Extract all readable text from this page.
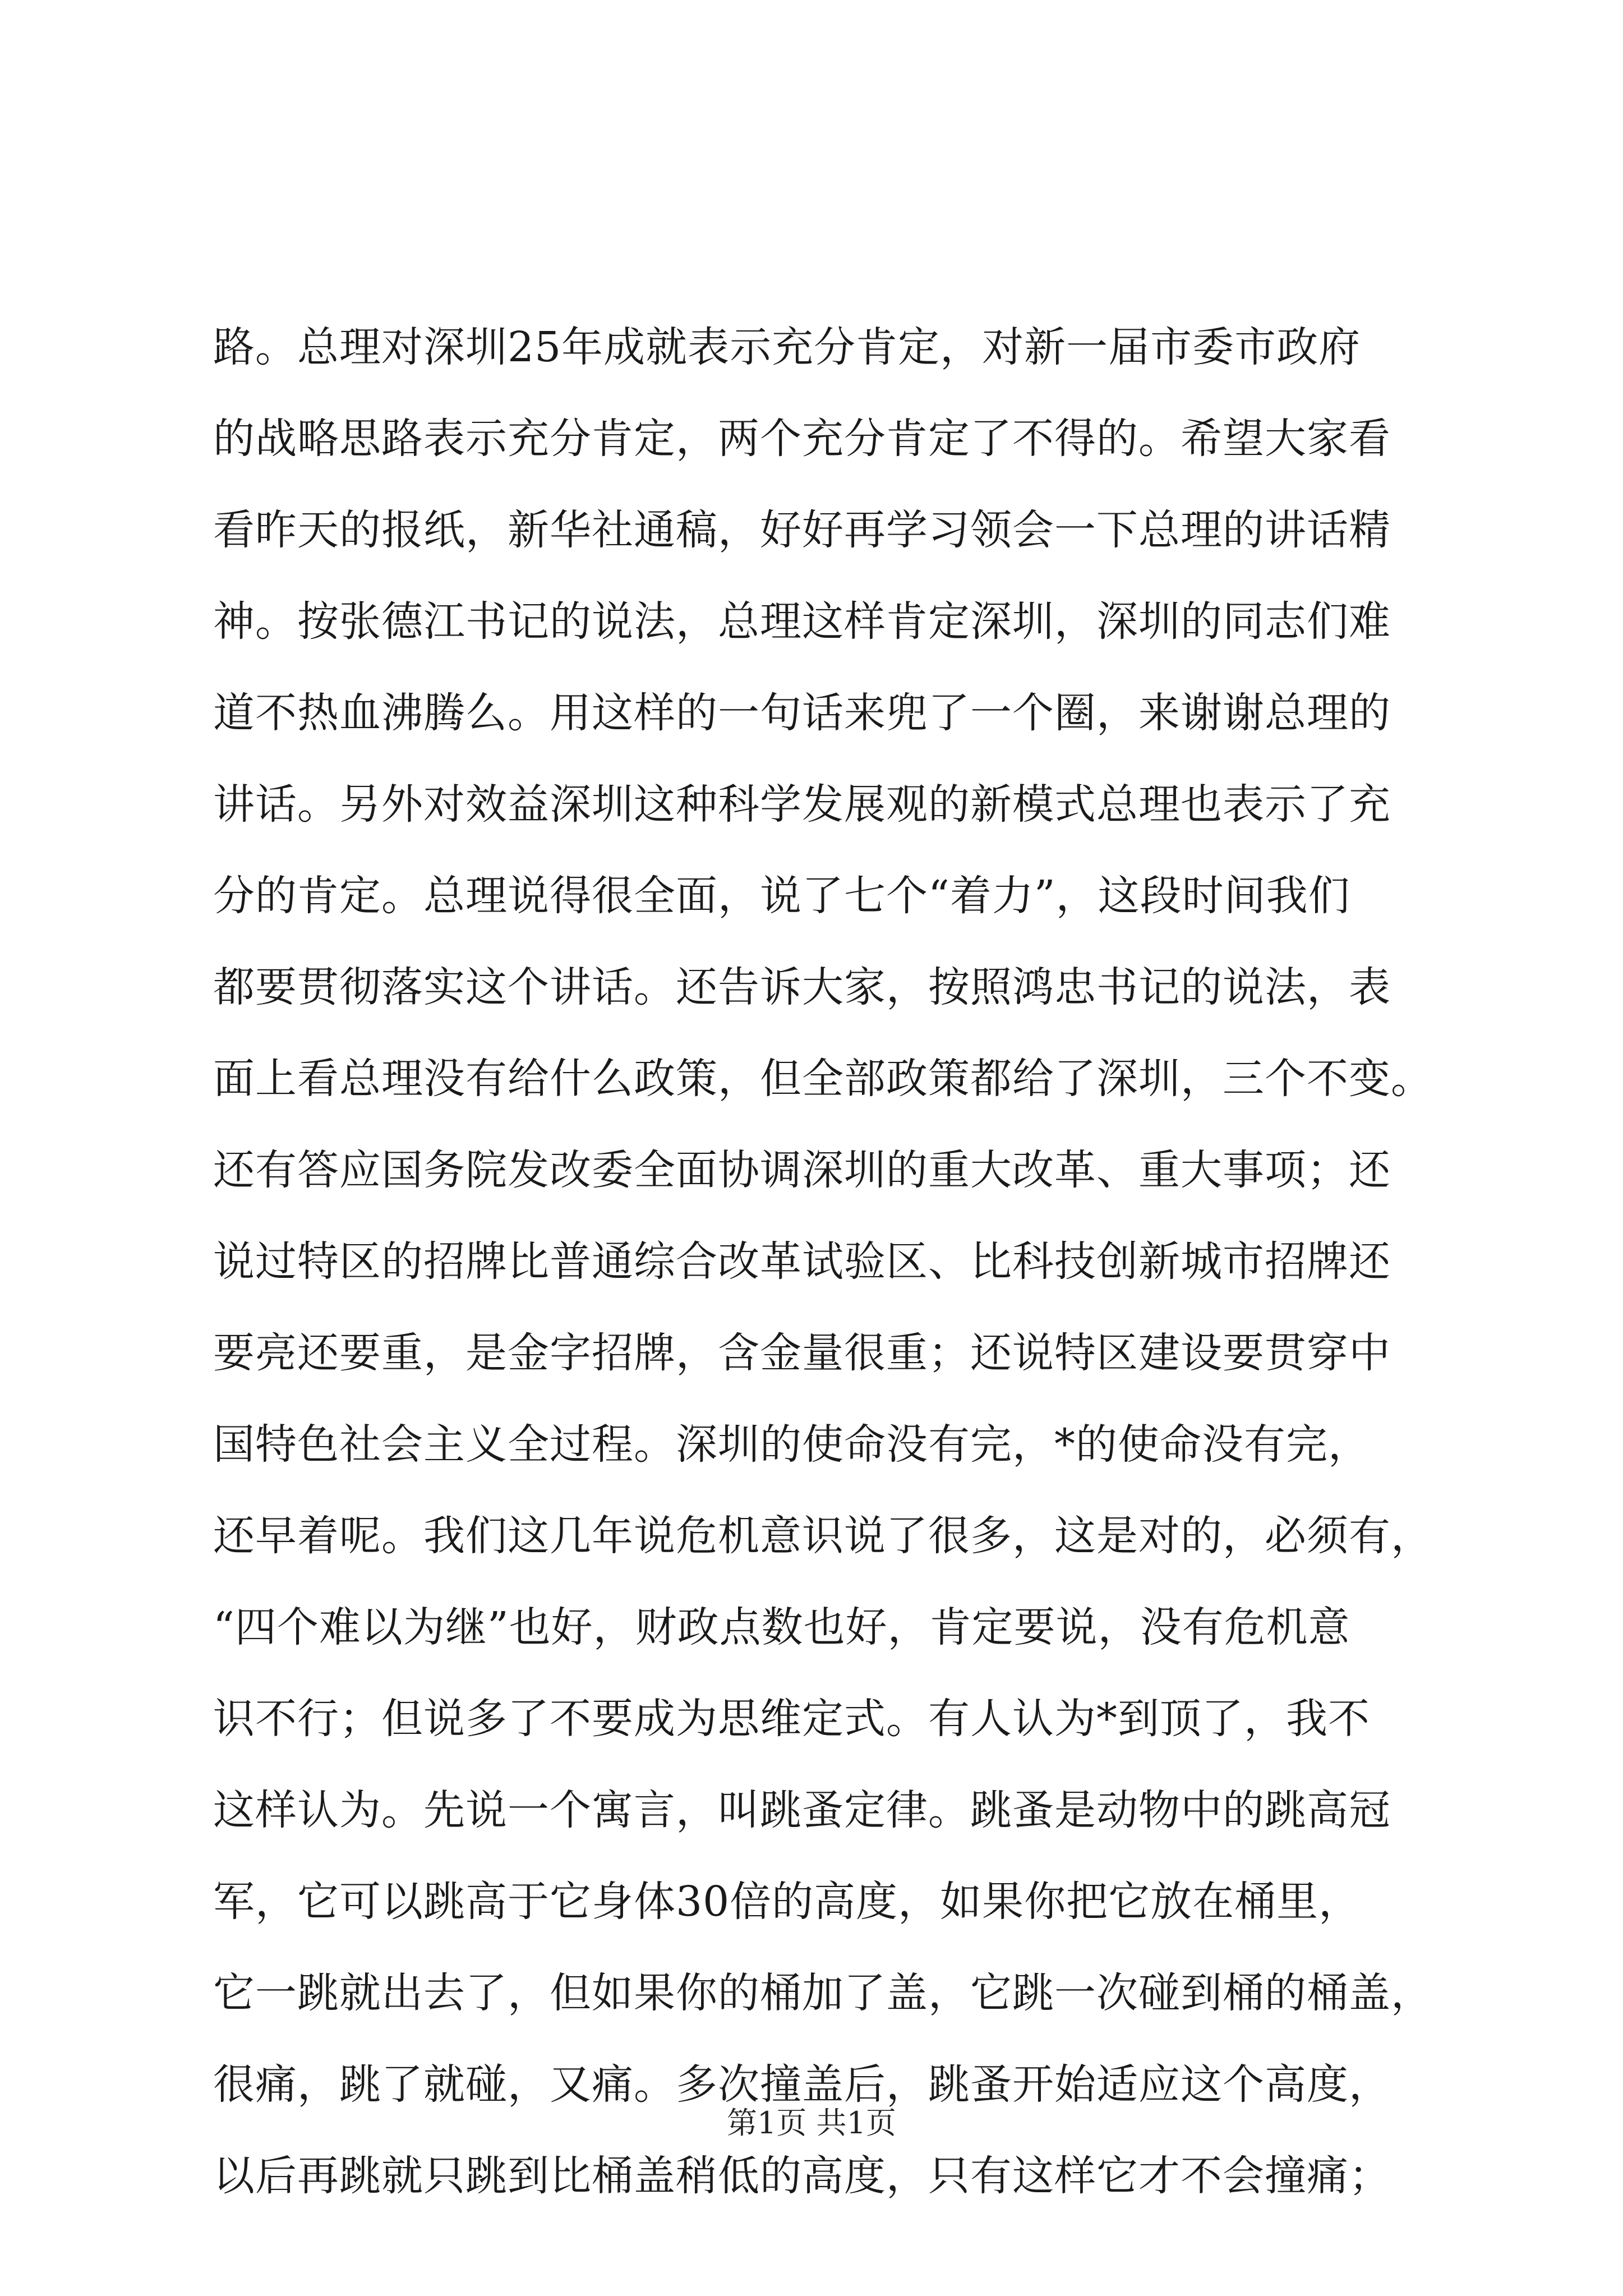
路。总理对深圳25年成就表示充分肯定，对新一届市委市政府
的战略思路表示充分肯定，两个充分肯定了不得的。希望大家看
看昨天的报纸，新华社通稿，好好再学习领会一下总理的讲话精
神。按张德江书记的说法，总理这样肯定深圳，深圳的同志们难
道不热血沸腾么。用这样的一句话来兜了一个圈，来谢谢总理的
讲话。另外对效益深圳这种科学发展观的新模式总理也表示了充
分的肯定。总理说得很全面，说了七个“着力”，这段时间我们
都要贯彻落实这个讲话。还告诉大家，按照鸿忠书记的说法，表
面上看总理没有给什么政策，但全部政策都给了深圳，三个不变。
还有答应国务院发改委全面协调深圳的重大改革、重大事项；还
说过特区的招牌比普通综合改革试验区、比科技创新城市招牌还
要亮还要重，是金字招牌，含金量很重；还说特区建设要贯穿中
国特色社会主义全过程。深圳的使命没有完，*的使命没有完，
还早着呢。我们这几年说危机意识说了很多，这是对的，必须有，
“四个难以为继”也好，财政点数也好，肯定要说，没有危机意
识不行；但说多了不要成为思维定式。有人认为*到顶了，我不
这样认为。先说一个寓言，叫跳蚤定律。跳蚤是动物中的跳高冠
军，它可以跳高于它身体30倍的高度，如果你把它放在桶里，
它一跳就出去了，但如果你的桶加了盖，它跳一次碰到桶的桶盖，
很痛，跳了就碰，又痛。多次撞盖后，跳蚤开始适应这个高度，
以后再跳就只跳到比桶盖稍低的高度，只有这样它才不会撞痛；
第1页 共1页
